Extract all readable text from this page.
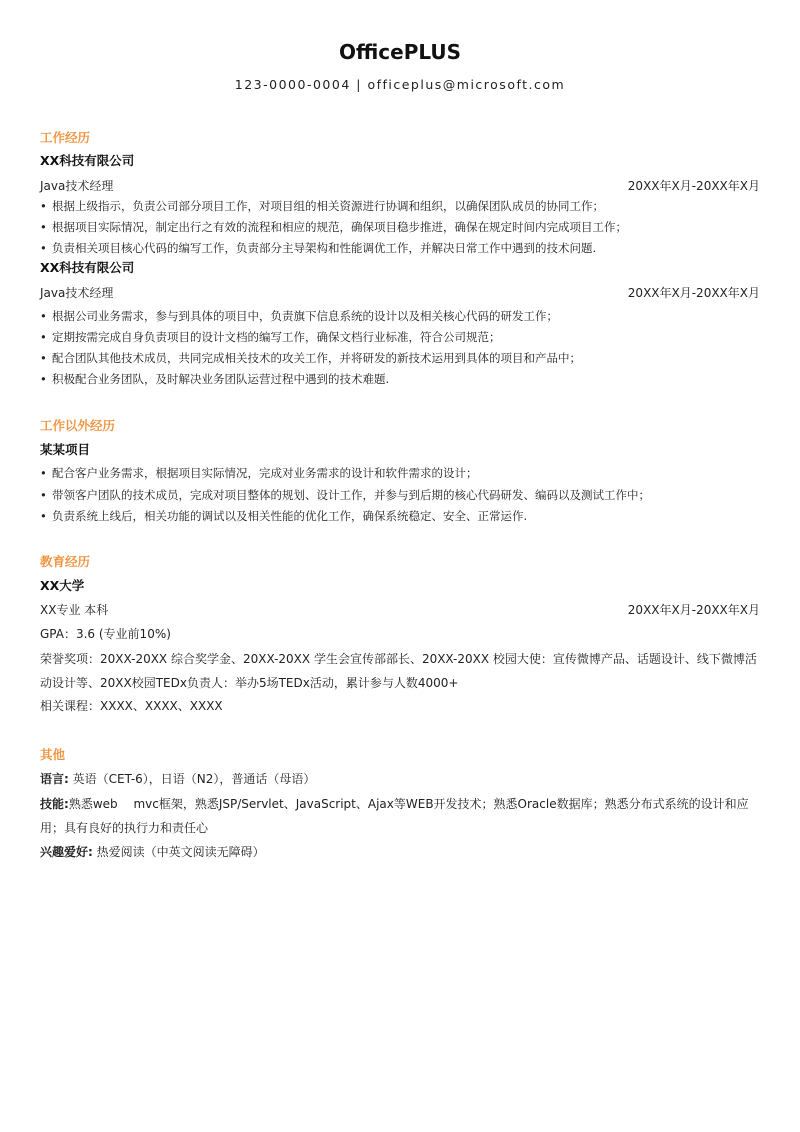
OfficePLUS
123-0000-0004 | officeplus@microsoft.com
工作经历
XX科技有限公司
Java技术经理	20XX年X月-20XX年X月
• 根据上级指示，负责公司部分项目工作，对项目组的相关资源进行协调和组织，以确保团队成员的协同工作；
• 根据项目实际情况，制定出行之有效的流程和相应的规范，确保项目稳步推进，确保在规定时间内完成项目工作；
• 负责相关项目核心代码的编写工作，负责部分主导架构和性能调优工作，并解决日常工作中遇到的技术问题.
XX科技有限公司
Java技术经理	20XX年X月-20XX年X月
• 根据公司业务需求，参与到具体的项目中，负责旗下信息系统的设计以及相关核心代码的研发工作；
• 定期按需完成自身负责项目的设计文档的编写工作，确保文档行业标准，符合公司规范；
• 配合团队其他技术成员，共同完成相关技术的攻关工作，并将研发的新技术运用到具体的项目和产品中；
• 积极配合业务团队，及时解决业务团队运营过程中遇到的技术难题.
工作以外经历
某某项目
• 配合客户业务需求，根据项目实际情况，完成对业务需求的设计和软件需求的设计；
• 带领客户团队的技术成员，完成对项目整体的规划、设计工作，并参与到后期的核心代码研发、编码以及测试工作中；
• 负责系统上线后，相关功能的调试以及相关性能的优化工作，确保系统稳定、安全、正常运作.
教育经历
XX大学
XX专业 本科	20XX年X月-20XX年X月
GPA：3.6 (专业前10%)
荣誉奖项：20XX-20XX 综合奖学金、20XX-20XX 学生会宣传部部长、20XX-20XX 校园大使：宣传微博产品、话题设计、线下微博活动设计等、20XX校园TEDx负责人：举办5场TEDx活动，累计参与人数4000+
相关课程：XXXX、XXXX、XXXX
其他
语言: 英语（CET-6），日语（N2），普通话（母语）
技能:熟悉web　 mvc框架，熟悉JSP/Servlet、JavaScript、Ajax等WEB开发技术；熟悉Oracle数据库；熟悉分布式系统的设计和应用；具有良好的执行力和责任心
兴趣爱好: 热爱阅读（中英文阅读无障碍）
